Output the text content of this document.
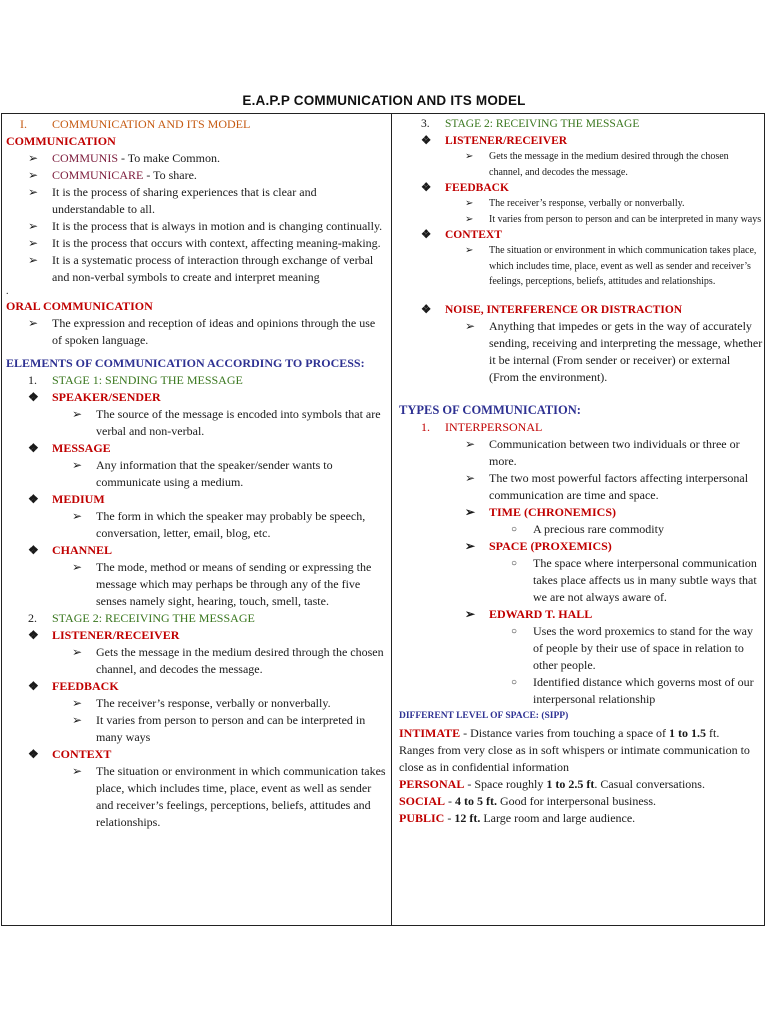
E.A.P.P COMMUNICATION AND ITS MODEL
I. COMMUNICATION AND ITS MODEL
COMMUNICATION
➢	COMMUNIS - To make Common.
➢	COMMUNICARE - To share.
➢	It is the process of sharing experiences that is clear and understandable to all.
➢	It is the process that is always in motion and is changing continually.
➢	It is the process that occurs with context, affecting meaning-making.
➢	It is a systematic process of interaction through exchange of verbal and non-verbal symbols to create and interpret meaning
.
ORAL COMMUNICATION
➢	The expression and reception of ideas and opinions through the use of spoken language.
ELEMENTS OF COMMUNICATION ACCORDING TO PROCESS:
1. STAGE 1: SENDING THE MESSAGE
❖	SPEAKER/SENDER
➢	The source of the message is encoded into symbols that are verbal and non-verbal.
❖	MESSAGE
➢	Any information that the speaker/sender wants to communicate using a medium.
❖	MEDIUM
➢	The form in which the speaker may probably be speech, conversation, letter, email, blog, etc.
❖	CHANNEL
➢	The mode, method or means of sending or expressing the message which may perhaps be through any of the five senses namely sight, hearing, touch, smell, taste.
2. STAGE 2: RECEIVING THE MESSAGE
❖	LISTENER/RECEIVER
➢	Gets the message in the medium desired through the chosen channel, and decodes the message.
❖	FEEDBACK
➢	The receiver’s response, verbally or nonverbally.
➢	It varies from person to person and can be interpreted in many ways
❖	CONTEXT
➢	The situation or environment in which communication takes place, which includes time, place, event as well as sender and receiver’s feelings, perceptions, beliefs, attitudes and relationships.
3. STAGE 2: RECEIVING THE MESSAGE
❖	LISTENER/RECEIVER
➢	Gets the message in the medium desired through the chosen channel, and decodes the message.
❖	FEEDBACK
➢	The receiver’s response, verbally or nonverbally.
➢	It varies from person to person and can be interpreted in many ways
❖	CONTEXT
➢	The situation or environment in which communication takes place, which includes time, place, event as well as sender and receiver’s feelings, perceptions, beliefs, attitudes and relationships.
❖	NOISE, INTERFERENCE OR DISTRACTION
➢	Anything that impedes or gets in the way of accurately sending, receiving and interpreting the message, whether it be internal (From sender or receiver) or external (From the environment).
TYPES OF COMMUNICATION:
1. INTERPERSONAL
➢	Communication between two individuals or three or more.
➢	The two most powerful factors affecting interpersonal communication are time and space.
➢	TIME (CHRONEMICS)
○ A precious rare commodity
➢	SPACE (PROXEMICS)
○ The space where interpersonal communication takes place affects us in many subtle ways that we are not always aware of.
➢	EDWARD T. HALL
○ Uses the word proxemics to stand for the way of people by their use of space in relation to other people.
○ Identified distance which governs most of our interpersonal relationship
DIFFERENT LEVEL OF SPACE: (SIPP)
INTIMATE - Distance varies from touching a space of 1 to 1.5 ft.
Ranges from very close as in soft whispers or intimate communication to close as in confidential information
PERSONAL - Space roughly 1 to 2.5 ft. Casual conversations.
SOCIAL - 4 to 5 ft. Good for interpersonal business.
PUBLIC - 12 ft. Large room and large audience.
